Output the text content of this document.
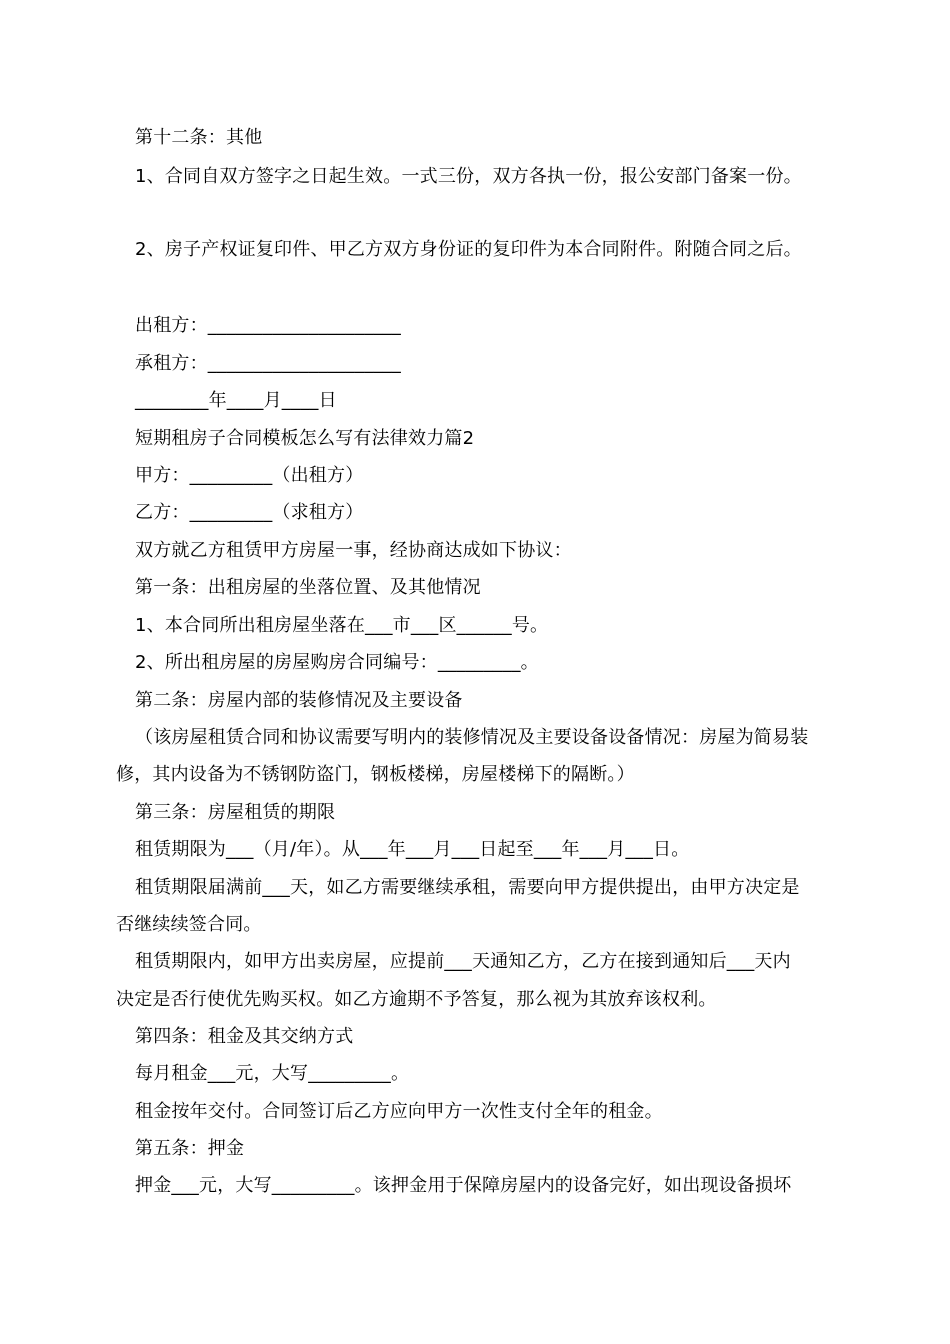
第十二条：其他
1、合同自双方签字之日起生效。一式三份，双方各执一份，报公安部门备案一份。
2、房子产权证复印件、甲乙方双方身份证的复印件为本合同附件。附随合同之后。
出租方：_____________________
承租方：_____________________
________年____月____日
短期租房子合同模板怎么写有法律效力篇2
甲方：_________（出租方）
乙方：_________（求租方）
双方就乙方租赁甲方房屋一事，经协商达成如下协议：
第一条：出租房屋的坐落位置、及其他情况
1、本合同所出租房屋坐落在___市___区______号。
2、所出租房屋的房屋购房合同编号：_________。
第二条：房屋内部的装修情况及主要设备
（该房屋租赁合同和协议需要写明内的装修情况及主要设备设备情况：房屋为简易装
修，其内设备为不锈钢防盗门，钢板楼梯，房屋楼梯下的隔断。）
第三条：房屋租赁的期限
租赁期限为___（月/年）。从___年___月___日起至___年___月___日。
租赁期限届满前___天，如乙方需要继续承租，需要向甲方提供提出，由甲方决定是
否继续续签合同。
租赁期限内，如甲方出卖房屋，应提前___天通知乙方，乙方在接到通知后___天内
决定是否行使优先购买权。如乙方逾期不予答复，那么视为其放弃该权利。
第四条：租金及其交纳方式
每月租金___元，大写_________。
租金按年交付。合同签订后乙方应向甲方一次性支付全年的租金。
第五条：押金
押金___元，大写_________。该押金用于保障房屋内的设备完好，如出现设备损坏
